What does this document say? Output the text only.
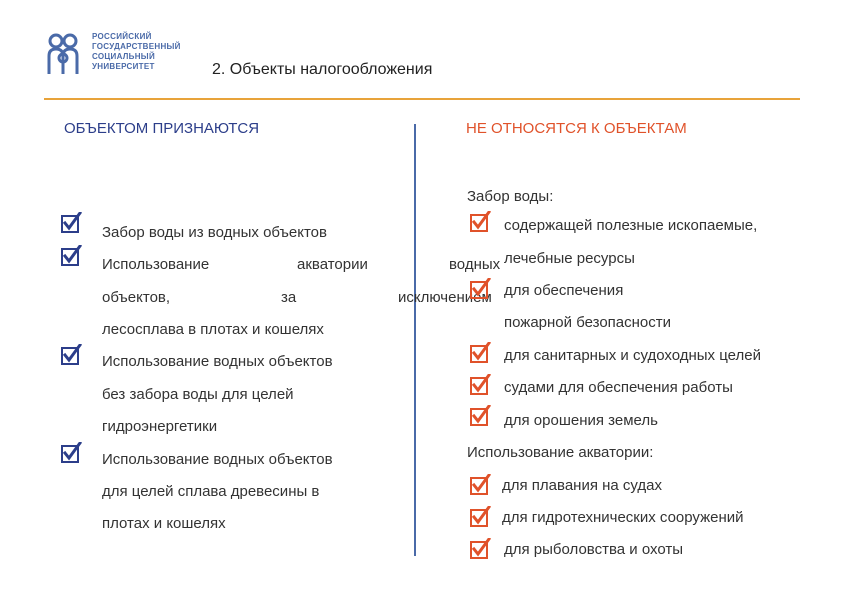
РОССИЙСКИЙ
ГОСУДАРСТВЕННЫЙ
СОЦИАЛЬНЫЙ
УНИВЕРСИТЕТ	2. Объекты налогообложения
ОБЪЕКТОМ ПРИЗНАЮТСЯ
Забор воды из водных объектов
Использование	акватории	водных
объектов,	за	исключением
лесосплава в плотах и кошелях
Использование водных объектов
без забора воды для целей
гидроэнергетики
Использование водных объектов
для целей сплава древесины в
плотах и кошелях
НЕ ОТНОСЯТСЯ К ОБЪЕКТАМ
Забор воды:
содержащей полезные ископаемые,
лечебные ресурсы
для обеспечения
пожарной безопасности
для санитарных и судоходных целей
судами для обеспечения работы
для орошения земель
Использование акватории:
для плавания на судах
для гидротехнических сооружений
для рыболовства и охоты
